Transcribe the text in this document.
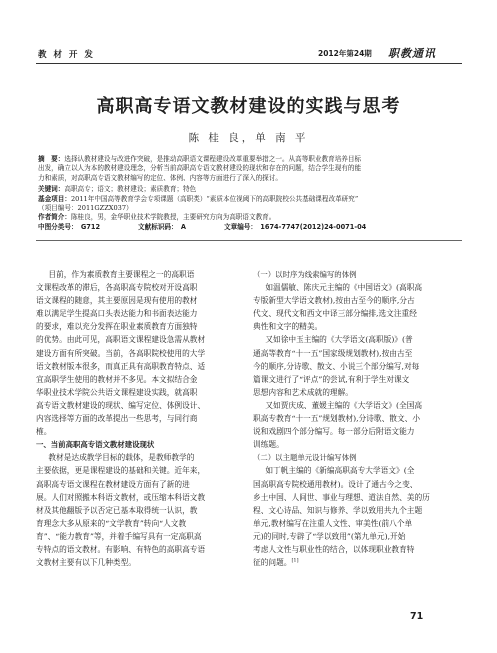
教 材 开 发	2012年第24期 职教通讯
高职高专语文教材建设的实践与思考
陈 桂 良，单 南 平
摘　要：选择认教材建设与改进作突破，是推动高职语文课程建设改革重要举措之一。从高等职业教育培养目标
出发，确立以人为本的教材建设理念，分析当前高职高专语文教材建设的现状和存在的问题，结合学生现有的能
力和素质，对高职高专语文教材编写的定位、体例、内容等方面进行了深入的探讨。
关键词：高职高专；语文；教材建设；素质教育；特色
基金项目：2011年中国高等教育学会专项课题（高职类）“素质本位视阈下的高职院校公共基础课程改革研究”
（项目编号：2011GZZX037）
作者简介：陈桂良，男，金华职业技术学院教授，主要研究方向为高职语文教育。
中图分类号：　G712	文献标识码：　A	文章编号：　1674-7747(2012)24-0071-04
目前，作为素质教育主要课程之一的高职语
文课程改革的滞后，各高职高专院校对开设高职
语文课程的随意，其主要原因是现有使用的教材
难以满足学生提高口头表达能力和书面表达能力
的要求，难以充分发挥在职业素质教育方面独特
的优势。由此可见，高职语文课程建设急需从教材
建设方面有所突破。当前，各高职院校使用的大学
语文教材版本很多，而真正具有高职教育特点、适
宜高职学生使用的教材并不多见。本文拟结合金
华职业技术学院公共语文课程建设实践，就高职
高专语文教材建设的现状、编写定位、体例设计、
内容选择等方面的改革提出一些思考，与同行商
榷。
一、当前高职高专语文教材建设现状
教材是达成教学目标的载体，是教师教学的
主要依据，更是课程建设的基础和关键。近年来，
高职高专语文课程在教材建设方面有了新的进
展。人们对照搬本科语文教材，或压缩本科语文教
材及其他翻版予以否定已基本取得统一认识，教
育理念大多从原来的“文学教育”转向“人文教
育”、“能力教育”等，并着手编写具有一定高职高
专特点的语文教材。有影响、有特色的高职高专语
文教材主要有以下几种类型。
（一）以时序为线索编写的体例
如温儒敏、陈庆元主编的《中国语文》(高职高
专版新型大学语文教材),按由古至今的顺序,分古
代文、现代文和西文中译三部分编排,选文注重经
典性和文字的精美。
又如徐中玉主编的《大学语文(高职版)》(普
通高等教育“十一五”国家级规划教材),按由古至
今的顺序,分诗歌、散文、小说三个部分编写,对每
篇课文进行了“评点”的尝试,有利于学生对课文
思想内容和艺术成就的理解。
又如贾庆成、董媛主编的《大学语文》(全国高
职高专教育“十一五”规划教材),分诗歌、散文、小
说和戏剧四个部分编写。每一部分后附语文能力
训练题。
（二）以主题单元设计编写体例
如丁帆主编的《新编高职高专大学语文》(全
国高职高专院校通用教材)。设计了通古今之变、
乡土中国、人间世、事业与理想、道法自然、美的历
程、文心诗品、知识与修养、学以致用共九个主题
单元,教材编写在注重人文性、审美性(前八个单
元)的同时,专辟了“学以致用”(第九单元),开始
考虑人文性与职业性的结合，以体现职业教育特
征的问题。[1]
71
